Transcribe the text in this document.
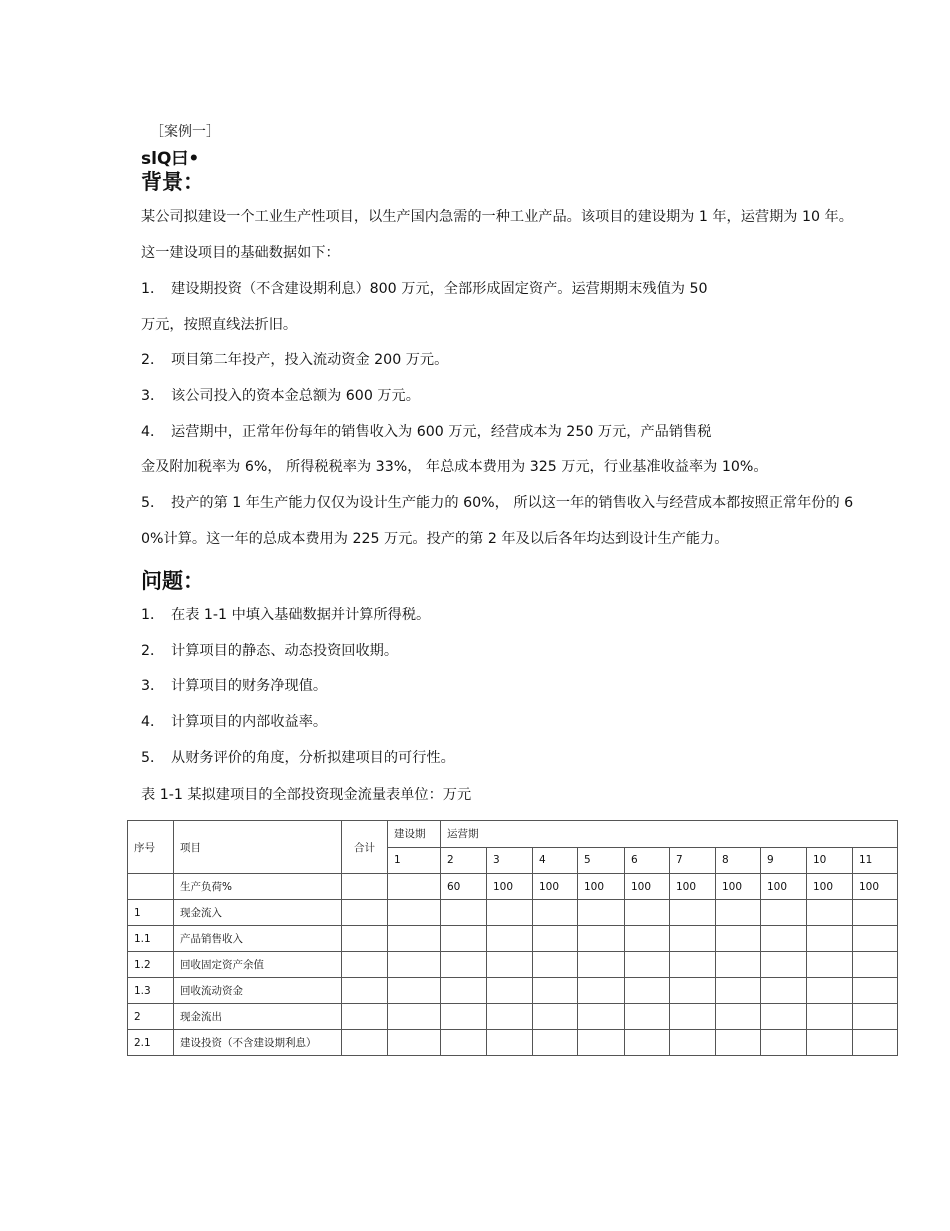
［案例一］
slQ曰•
背景：
某公司拟建设一个工业生产性项目，以生产国内急需的一种工业产品。该项目的建设期为 1 年，运营期为 10 年。
这一建设项目的基础数据如下：
1． 建设期投资（不含建设期利息）800 万元，全部形成固定资产。运营期期末残值为 50
万元，按照直线法折旧。
2． 项目第二年投产，投入流动资金 200 万元。
3． 该公司投入的资本金总额为 600 万元。
4． 运营期中，正常年份每年的销售收入为 600 万元，经营成本为 250 万元，产品销售税
金及附加税率为 6%， 所得税税率为 33%， 年总成本费用为 325 万元，行业基准收益率为 10%。
5． 投产的第 1 年生产能力仅仅为设计生产能力的 60%， 所以这一年的销售收入与经营成本都按照正常年份的 6
0%计算。这一年的总成本费用为 225 万元。投产的第 2 年及以后各年均达到设计生产能力。
问题：
1． 在表 1-1 中填入基础数据并计算所得税。
2． 计算项目的静态、动态投资回收期。
3． 计算项目的财务净现值。
4． 计算项目的内部收益率。
5． 从财务评价的角度，分析拟建项目的可行性。
表 1-1 某拟建项目的全部投资现金流量表单位：万元
序号	项目	合计	建设期	运营期									
			1	2	3	4	5	6	7	8	9	10	11
	生产负荷%			60	100	100	100	100	100	100	100	100	100
1	现金流入												
1.1	产品销售收入												
1.2	回收固定资产余值												
1.3	回收流动资金												
2	现金流出												
2.1	建设投资（不含建设期利息）												
